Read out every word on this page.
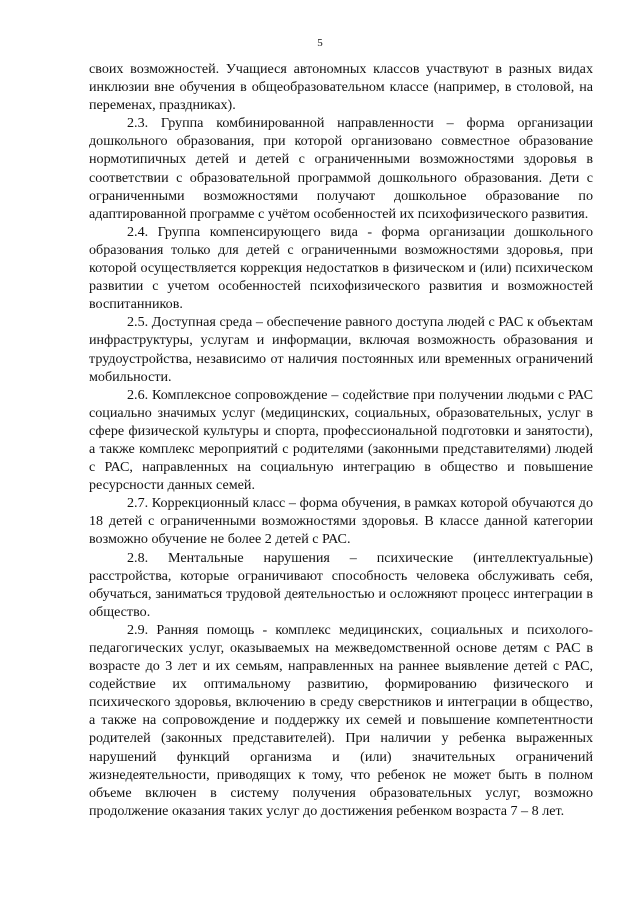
5

своих возможностей. Учащиеся автономных классов участвуют в разных видах инклюзии вне обучения в общеобразовательном классе (например, в столовой, на переменах, праздниках).

2.3. Группа комбинированной направленности – форма организации дошкольного образования, при которой организовано совместное образование нормотипичных детей и детей с ограниченными возможностями здоровья в соответствии с образовательной программой дошкольного образования. Дети с ограниченными возможностями получают дошкольное образование по адаптированной программе с учётом особенностей их психофизического развития.

2.4. Группа компенсирующего вида - форма организации дошкольного образования только для детей с ограниченными возможностями здоровья, при которой осуществляется коррекция недостатков в физическом и (или) психическом развитии с учетом особенностей психофизического развития и возможностей воспитанников.

2.5. Доступная среда – обеспечение равного доступа людей с РАС к объектам инфраструктуры, услугам и информации, включая возможность образования и трудоустройства, независимо от наличия постоянных или временных ограничений мобильности.

2.6. Комплексное сопровождение – содействие при получении людьми с РАС социально значимых услуг (медицинских, социальных, образовательных, услуг в сфере физической культуры и спорта, профессиональной подготовки и занятости), а также комплекс мероприятий с родителями (законными представителями) людей с РАС, направленных на социальную интеграцию в общество и повышение ресурсности данных семей.

2.7. Коррекционный класс – форма обучения, в рамках которой обучаются до 18 детей с ограниченными возможностями здоровья. В классе данной категории возможно обучение не более 2 детей с РАС.

2.8. Ментальные нарушения – психические (интеллектуальные) расстройства, которые ограничивают способность человека обслуживать себя, обучаться, заниматься трудовой деятельностью и осложняют процесс интеграции в общество.

2.9. Ранняя помощь - комплекс медицинских, социальных и психолого-педагогических услуг, оказываемых на межведомственной основе детям с РАС в возрасте до 3 лет и их семьям, направленных на раннее выявление детей с РАС, содействие их оптимальному развитию, формированию физического и психического здоровья, включению в среду сверстников и интеграции в общество, а также на сопровождение и поддержку их семей и повышение компетентности родителей (законных представителей). При наличии у ребенка выраженных нарушений функций организма и (или) значительных ограничений жизнедеятельности, приводящих к тому, что ребенок не может быть в полном объеме включен в систему получения образовательных услуг, возможно продолжение оказания таких услуг до достижения ребенком возраста 7 – 8 лет.
